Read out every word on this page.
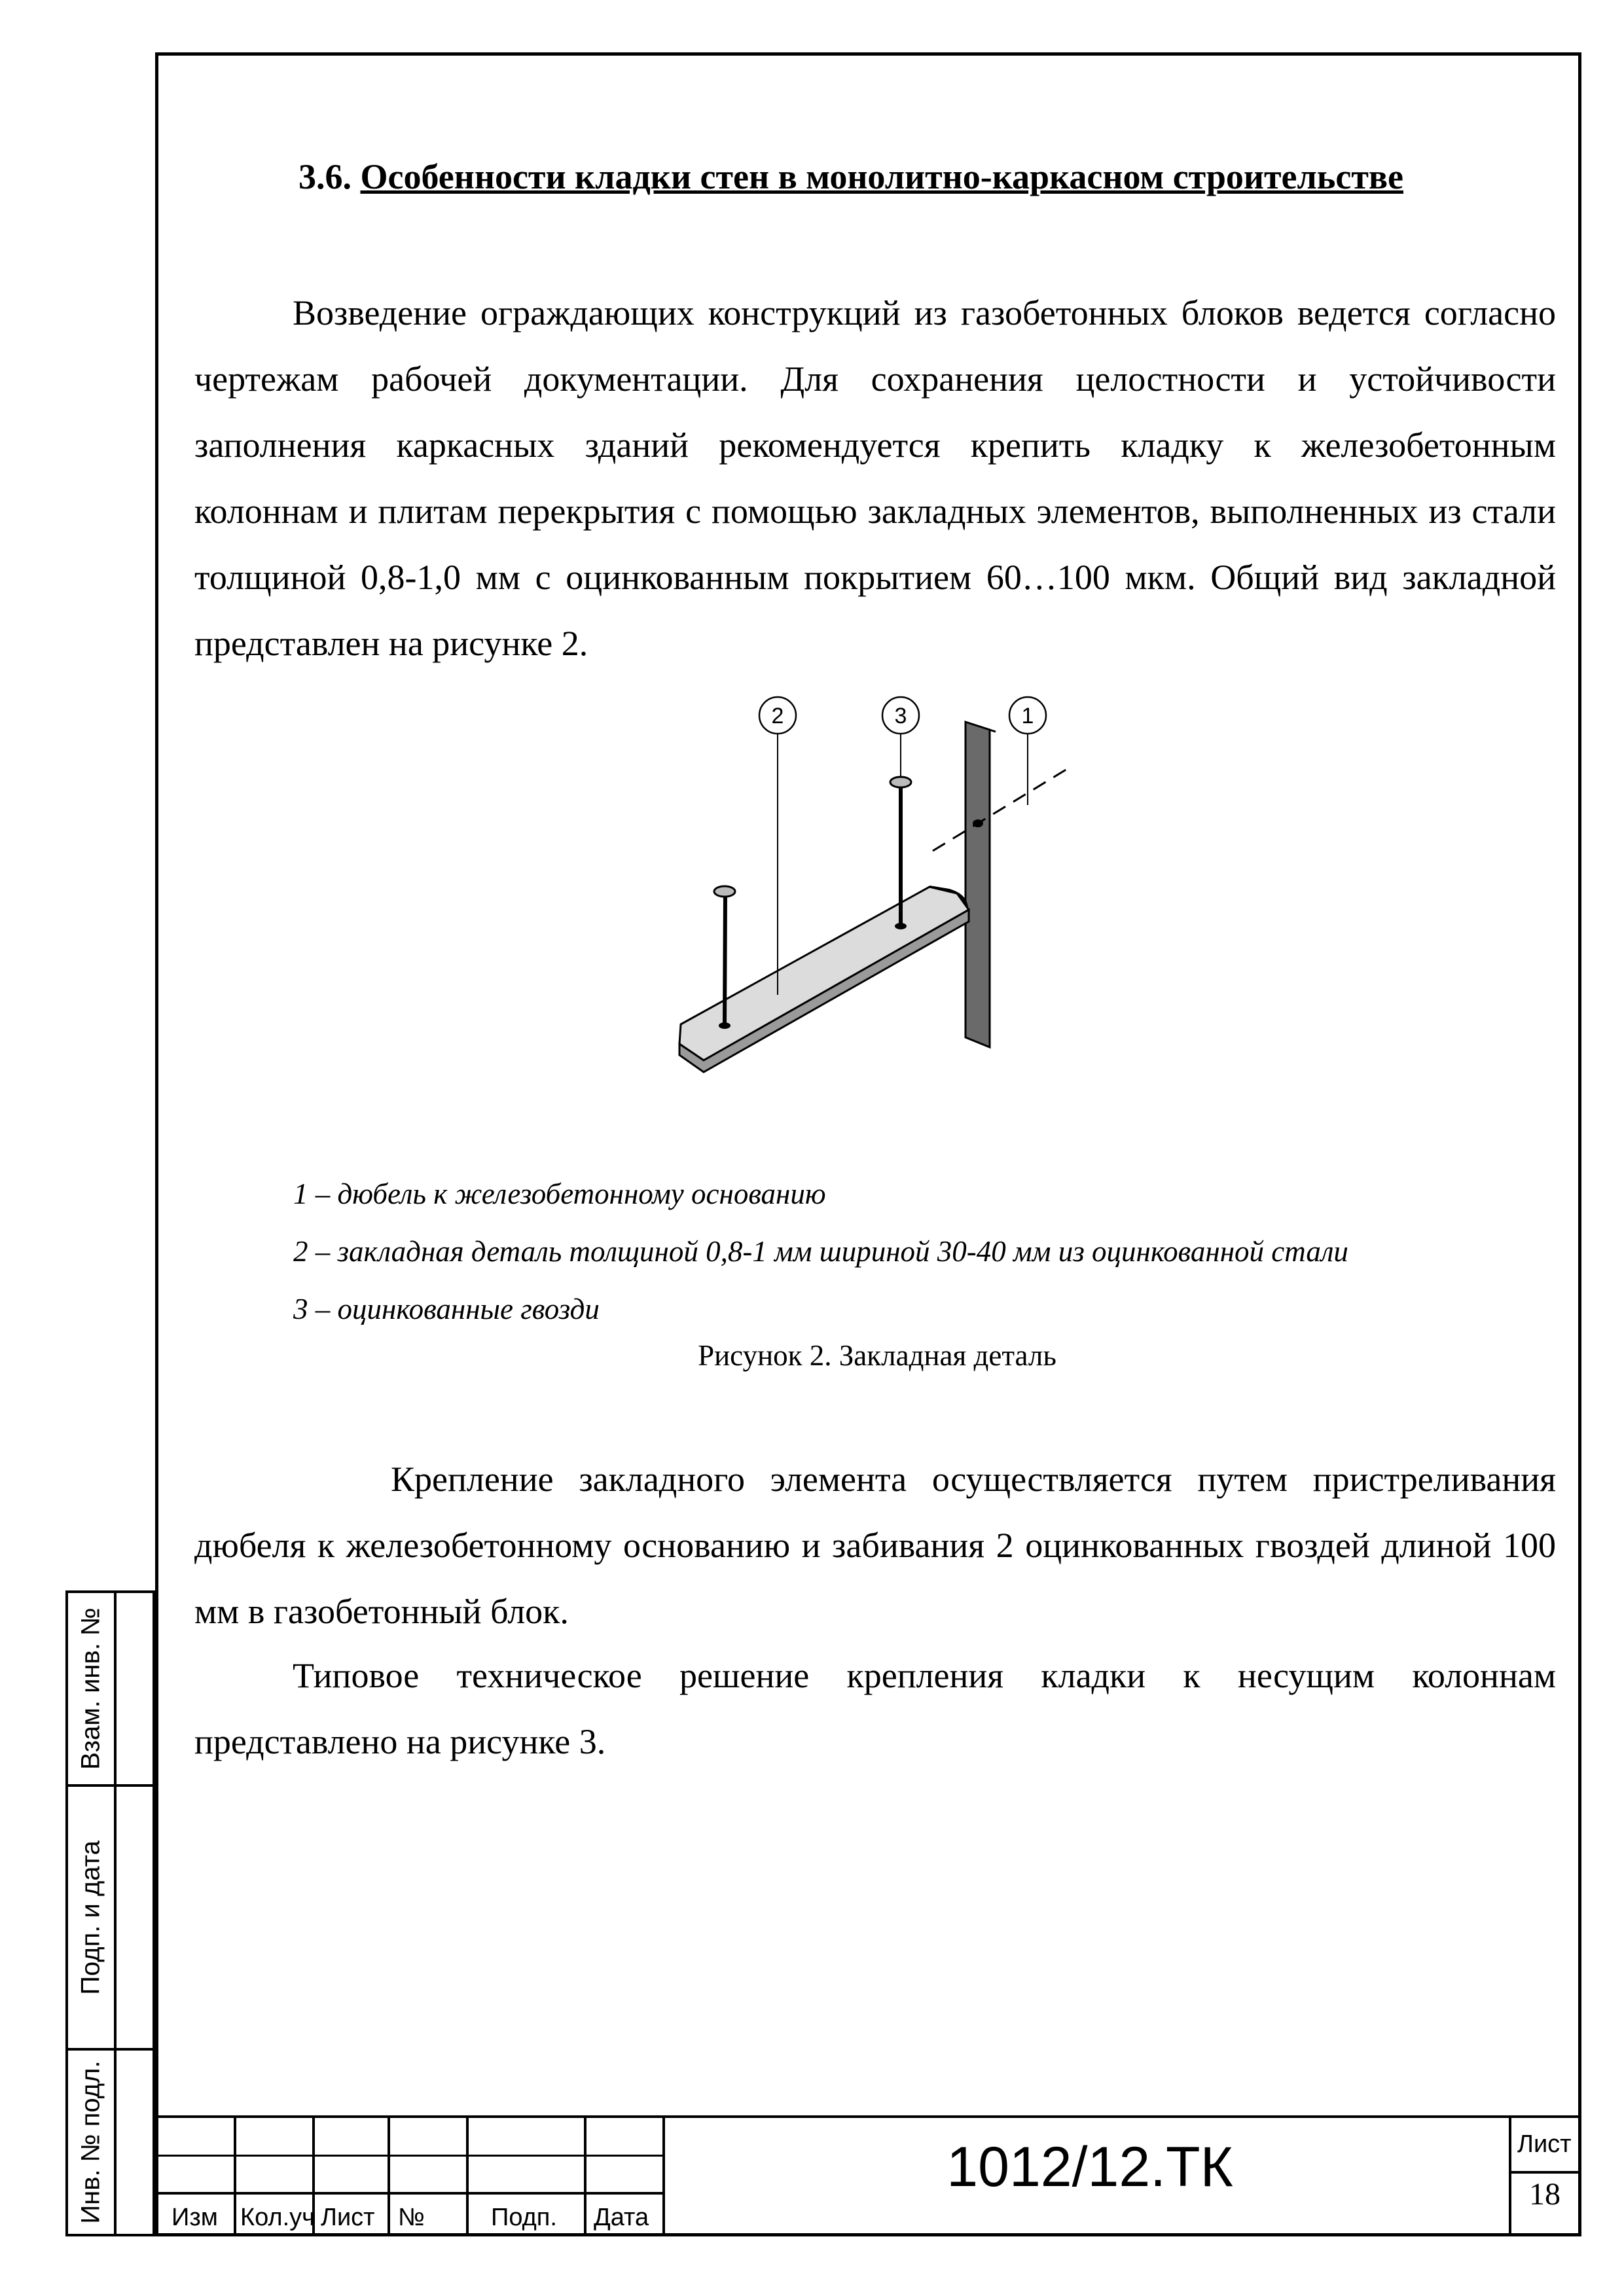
3.6. Особенности кладки стен в монолитно-каркасном строительстве

Возведение ограждающих конструкций из газобетонных блоков ведется согласно чертежам рабочей документации. Для сохранения целостности и устойчивости заполнения каркасных зданий рекомендуется крепить кладку к железобетонным колоннам и плитам перекрытия с помощью закладных элементов, выполненных из стали толщиной 0,8-1,0 мм с оцинкованным покрытием 60…100 мкм. Общий вид закладной представлен на рисунке 2.

2	3	1
1 – дюбель к железобетонному основанию
2 – закладная деталь толщиной 0,8-1 мм шириной 30-40 мм из оцинкованной стали
3 – оцинкованные гвозди
Рисунок 2. Закладная деталь

Крепление закладного элемента осуществляется путем пристреливания дюбеля к железобетонному основанию и забивания 2 оцинкованных гвоздей длиной 100 мм в газобетонный блок.

Типовое техническое решение крепления кладки к несущим колоннам представлено на рисунке 3.

Взам. инв. №
Подп. и дата
Инв. № подл.	Изм Кол.уч Лист №	Подп. Дата
1012/12.ТК	Лист
18
